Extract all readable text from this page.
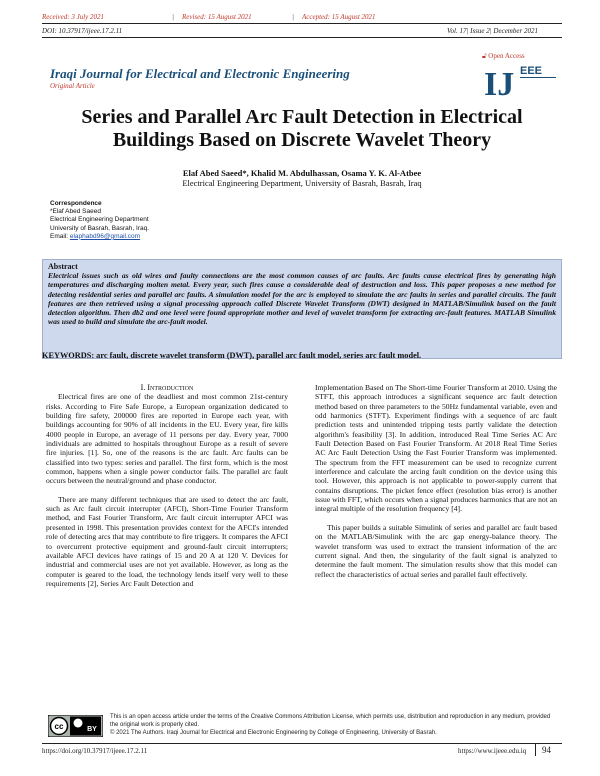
Received: 3 July 2021	| Revised: 15 August 2021	| Accepted: 15 August 2021
DOI: 10.37917/ijeee.17.2.11	Vol. 17| Issue 2| December 2021
Iraqi Journal for Electrical and Electronic Engineering
Original Article
🔓︎ Open Access
IJ EEE
Series and Parallel Arc Fault Detection in Electrical Buildings Based on Discrete Wavelet Theory
Elaf Abed Saeed*, Khalid M. Abdulhassan, Osama Y. K. Al-Atbee
Electrical Engineering Department, University of Basrah, Basrah, Iraq
Correspondence
*Elaf Abed Saeed
Electrical Engineering Department
University of Basrah, Basrah, Iraq.
Email: elaphabd96@gmail.com
Abstract
Electrical issues such as old wires and faulty connections are the most common causes of arc faults. Arc faults cause electrical fires by generating high temperatures and discharging molten metal. Every year, such fires cause a considerable deal of destruction and loss. This paper proposes a new method for detecting residential series and parallel arc faults. A simulation model for the arc is employed to simulate the arc faults in series and parallel circuits. The fault features are then retrieved using a signal processing approach called Discrete Wavelet Transform (DWT) designed in MATLAB/Simulink based on the fault detection algorithm. Then db2 and one level were found appropriate mother and level of wavelet transform for extracting arc-fault features. MATLAB Simulink was used to build and simulate the arc-fault model.
KEYWORDS: arc fault, discrete wavelet transform (DWT), parallel arc fault model, series arc fault model.

I. Introduction

Electrical fires are one of the deadliest and most common 21st-century risks. According to Fire Safe Europe, a European organization dedicated to building fire safety, 200000 fires are reported in Europe each year, with buildings accounting for 90% of all incidents in the EU. Every year, fire kills 4000 people in Europe, an average of 11 persons per day. Every year, 7000 individuals are admitted to hospitals throughout Europe as a result of severe fire injuries. [1]. So, one of the reasons is the arc fault. Arc faults can be classified into two types: series and parallel. The first form, which is the most common, happens when a single power conductor fails. The parallel arc fault occurs between the neutral/ground and phase conductor.

There are many different techniques that are used to detect the arc fault, such as Arc fault circuit interrupter (AFCI), Short-Time Fourier Transform method, and Fast Fourier Transform, Arc fault circuit interrupter AFCI was presented in 1998. This presentation provides context for the AFCI's intended role of detecting arcs that may contribute to fire triggers. It compares the AFCI to overcurrent protective equipment and ground-fault circuit interrupters; available AFCI devices have ratings of 15 and 20 A at 120 V. Devices for industrial and commercial uses are not yet available. However, as long as the computer is geared to the load, the technology lends itself very well to these requirements [2], Series Arc Fault Detection and

Implementation Based on The Short-time Fourier Transform at 2010. Using the STFT, this approach introduces a significant sequence arc fault detection method based on three parameters to the 50Hz fundamental variable, even and odd harmonics (STFT). Experiment findings with a sequence of arc fault prediction tests and unintended tripping tests partly validate the detection algorithm's feasibility [3]. In addition, introduced Real Time Series AC Arc Fault Detection Based on Fast Fourier Transform. At 2018 Real Time Series AC Arc Fault Detection Using the Fast Fourier Transform was implemented. The spectrum from the FFT measurement can be used to recognize current interference and calculate the arcing fault condition on the device using this tool. However, this approach is not applicable to power-supply current that contains disruptions. The picket fence effect (resolution bias error) is another issue with FFT, which occurs when a signal produces harmonics that are not an integral multiple of the resolution frequency [4].

This paper builds a suitable Simulink of series and parallel arc fault based on the MATLAB/Simulink with the arc gap energy-balance theory. The wavelet transform was used to extract the transient information of the arc current signal. And then, the singularity of the fault signal is analyzed to determine the fault moment. The simulation results show that this model can reflect the characteristics of actual series and parallel fault effectively.

cc	BY
This is an open access article under the terms of the Creative Commons Attribution License, which permits use, distribution and reproduction in any medium, provided the original work is properly cited.
© 2021 The Authors. Iraqi Journal for Electrical and Electronic Engineering by College of Engineering, University of Basrah.
https://doi.org/10.37917/ijeee.17.2.11	https://www.ijeee.edu.iq 94
